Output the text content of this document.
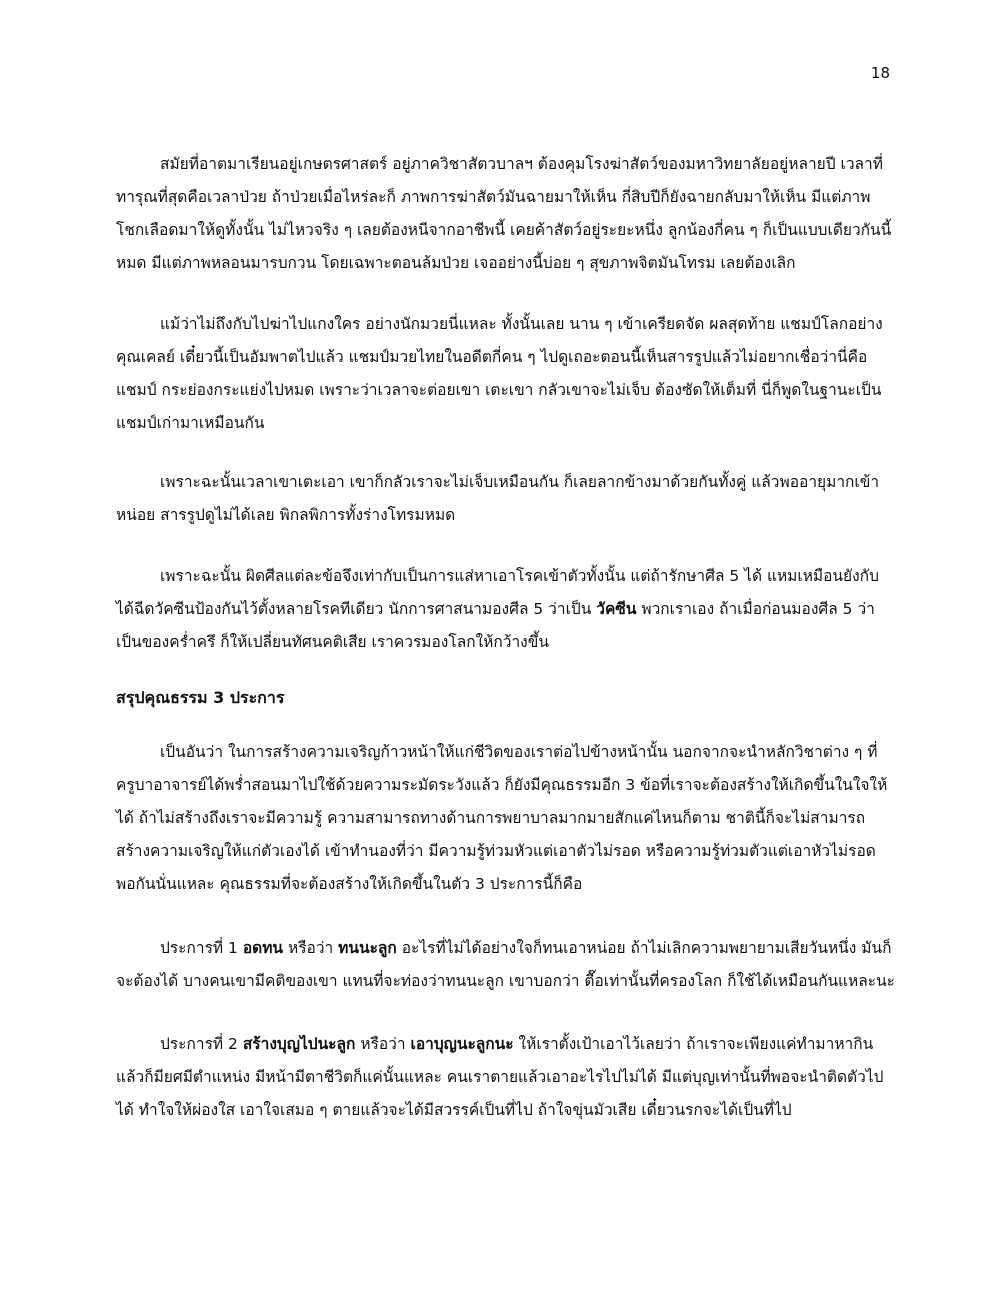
18

สมัยที่อาตมาเรียนอยู่เกษตรศาสตร์ อยู่ภาควิชาสัตวบาลฯ ต้องคุมโรงฆ่าสัตว์ของมหาวิทยาลัยอยู่หลายปี เวลาที่ทารุณที่สุดคือเวลาป่วย ถ้าป่วยเมื่อไหร่ละก็ ภาพการฆ่าสัตว์มันฉายมาให้เห็น กี่สิบปีก็ยังฉายกลับมาให้เห็น มีแต่ภาพโชกเลือดมาให้ดูทั้งนั้น ไม่ไหวจริง ๆ เลยต้องหนีจากอาชีพนี้ เคยค้าสัตว์อยู่ระยะหนึ่ง ลูกน้องกี่คน ๆ ก็เป็นแบบเดียวกันนี้หมด มีแต่ภาพหลอนมารบกวน โดยเฉพาะตอนล้มป่วย เจออย่างนี้บ่อย ๆ สุขภาพจิตมันโทรม เลยต้องเลิก

แม้ว่าไม่ถึงกับไปฆ่าไปแกงใคร อย่างนักมวยนี่แหละ ทั้งนั้นเลย นาน ๆ เข้าเครียดจัด ผลสุดท้าย แชมป์โลกอย่างคุณเคลย์ เดี๋ยวนี้เป็นอัมพาตไปแล้ว แชมป์มวยไทยในอดีตกี่คน ๆ ไปดูเถอะตอนนี้เห็นสารรูปแล้วไม่อยากเชื่อว่านี่คือแชมป์ กระย่องกระแย่งไปหมด เพราะว่าเวลาจะต่อยเขา เตะเขา กลัวเขาจะไม่เจ็บ ต้องซัดให้เต็มที่ นี่ก็พูดในฐานะเป็นแชมป์เก่ามาเหมือนกัน

เพราะฉะนั้นเวลาเขาเตะเอา เขาก็กลัวเราจะไม่เจ็บเหมือนกัน ก็เลยลากข้างมาด้วยกันทั้งคู่ แล้วพออายุมากเข้าหน่อย สารรูปดูไม่ได้เลย พิกลพิการทั้งร่างโทรมหมด

เพราะฉะนั้น ผิดศีลแต่ละข้อจึงเท่ากับเป็นการแส่หาเอาโรคเข้าตัวทั้งนั้น แต่ถ้ารักษาศีล 5 ได้ แหมเหมือนยังกับได้ฉีดวัคซีนป้องกันไว้ตั้งหลายโรคทีเดียว นักการศาสนามองศีล 5 ว่าเป็น วัคซีน พวกเราเอง ถ้าเมื่อก่อนมองศีล 5 ว่าเป็นของคร่ำครึ ก็ให้เปลี่ยนทัศนคติเสีย เราควรมองโลกให้กว้างขึ้น

สรุปคุณธรรม 3 ประการ

เป็นอันว่า ในการสร้างความเจริญก้าวหน้าให้แก่ชีวิตของเราต่อไปข้างหน้านั้น นอกจากจะนำหลักวิชาต่าง ๆ ที่ครูบาอาจารย์ได้พร่ำสอนมาไปใช้ด้วยความระมัดระวังแล้ว ก็ยังมีคุณธรรมอีก 3 ข้อที่เราจะต้องสร้างให้เกิดขึ้นในใจให้ได้ ถ้าไม่สร้างถึงเราจะมีความรู้ ความสามารถทางด้านการพยาบาลมากมายสักแค่ไหนก็ตาม ชาตินี้ก็จะไม่สามารถสร้างความเจริญให้แก่ตัวเองได้ เข้าทำนองที่ว่า มีความรู้ท่วมหัวแต่เอาตัวไม่รอด หรือความรู้ท่วมตัวแต่เอาหัวไม่รอด พอกันนั่นแหละ คุณธรรมที่จะต้องสร้างให้เกิดขึ้นในตัว 3 ประการนี้ก็คือ

ประการที่ 1 อดทน หรือว่า ทนนะลูก อะไรที่ไม่ได้อย่างใจก็ทนเอาหน่อย ถ้าไม่เลิกความพยายามเสียวันหนึ่ง มันก็จะต้องได้ บางคนเขามีคติของเขา แทนที่จะท่องว่าทนนะลูก เขาบอกว่า ตื๊อเท่านั้นที่ครองโลก ก็ใช้ได้เหมือนกันแหละนะ

ประการที่ 2 สร้างบุญไปนะลูก หรือว่า เอาบุญนะลูกนะ ให้เราตั้งเป้าเอาไว้เลยว่า ถ้าเราจะเพียงแค่ทำมาหากินแล้วก็มียศมีตำแหน่ง มีหน้ามีตาชีวิตก็แค่นั้นแหละ คนเราตายแล้วเอาอะไรไปไม่ได้ มีแต่บุญเท่านั้นที่พอจะนำติดตัวไปได้ ทำใจให้ผ่องใส เอาใจเสมอ ๆ ตายแล้วจะได้มีสวรรค์เป็นที่ไป ถ้าใจขุ่นมัวเสีย เดี๋ยวนรกจะได้เป็นที่ไป
